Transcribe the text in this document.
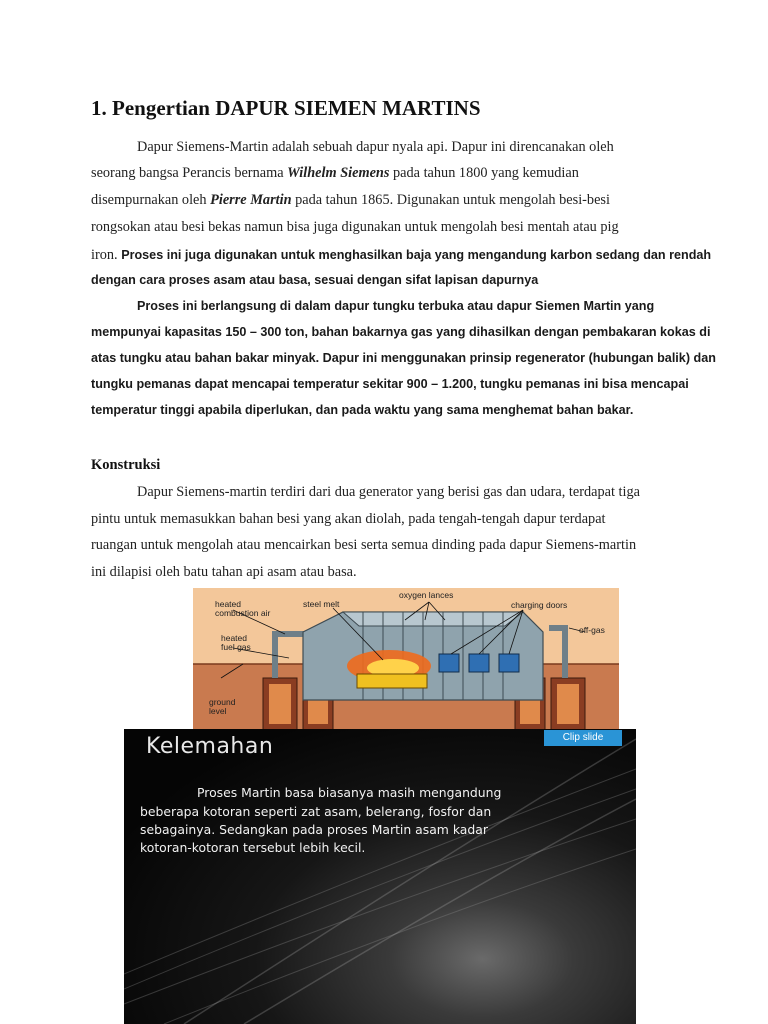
1. Pengertian DAPUR SIEMEN MARTINS
Dapur Siemens-Martin adalah sebuah dapur nyala api. Dapur ini direncanakan oleh
seorang bangsa Perancis bernama Wilhelm Siemens pada tahun 1800 yang kemudian
disempurnakan oleh Pierre Martin pada tahun 1865. Digunakan untuk mengolah besi-besi
rongsokan atau besi bekas namun bisa juga digunakan untuk mengolah besi mentah atau pig
iron. Proses ini juga digunakan untuk menghasilkan baja yang mengandung karbon sedang dan rendah
dengan cara proses asam atau basa, sesuai dengan sifat lapisan dapurnya
Proses ini berlangsung di dalam dapur tungku terbuka atau dapur Siemen Martin yang
mempunyai kapasitas 150 – 300 ton, bahan bakarnya gas yang dihasilkan dengan pembakaran kokas di
atas tungku atau bahan bakar minyak. Dapur ini menggunakan prinsip regenerator (hubungan balik) dan
tungku pemanas dapat mencapai temperatur sekitar 900 – 1.200, tungku pemanas ini bisa mencapai
temperatur tinggi apabila diperlukan, dan pada waktu yang sama menghemat bahan bakar.
Konstruksi
Dapur Siemens-martin terdiri dari dua generator yang berisi gas dan udara, terdapat tiga
pintu untuk memasukkan bahan besi yang akan diolah, pada tengah-tengah dapur terdapat
ruangan untuk mengolah atau mencairkan besi serta semua dinding pada dapur Siemens-martin
ini dilapisi oleh batu tahan api asam atau basa.
heated
combustion air
steel melt
oxygen lances
charging doors
heated
fuel gas
off-gas
ground
level
Kelemahan	Clip slide
Proses Martin basa biasanya masih mengandung
beberapa kotoran seperti zat asam, belerang, fosfor dan
sebagainya. Sedangkan pada proses Martin asam kadar
kotoran-kotoran tersebut lebih kecil.
